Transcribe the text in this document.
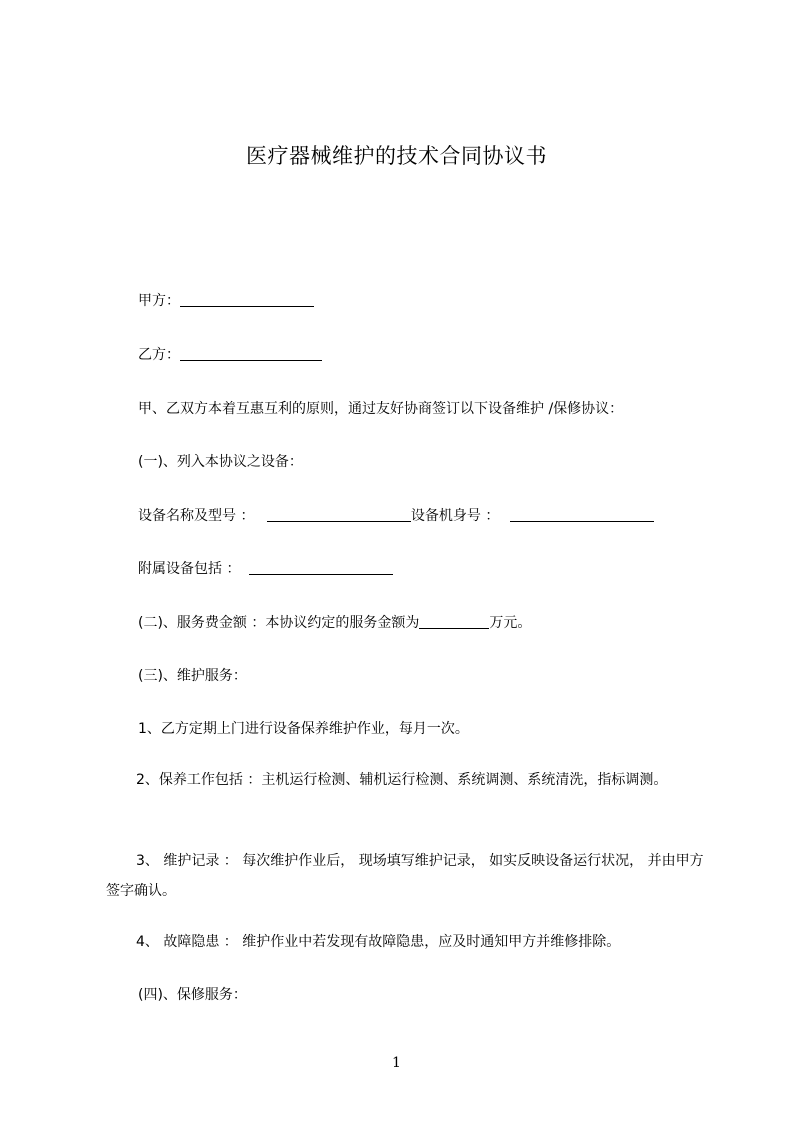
医疗器械维护的技术合同协议书
甲方：
乙方：
甲、乙双方本着互惠互利的原则，通过友好协商签订以下设备维护 /保修协议：
(一)、列入本协议之设备：
设备名称及型号 ：	设备机身号 ：
附属设备包括 ：
(二)、服务费金额 ：本协议约定的服务金额为	万元。
(三)、维护服务：
1、乙方定期上门进行设备保养维护作业，每月一次。
2、保养工作包括 ：主机运行检测、辅机运行检测、系统调测、系统清洗，指标调测。
3、 维护记录 ： 每次维护作业后， 现场填写维护记录， 如实反映设备运行状况， 并由甲方签字确认。
4、 故障隐患 ： 维护作业中若发现有故障隐患，应及时通知甲方并维修排除。
(四)、保修服务：
1
